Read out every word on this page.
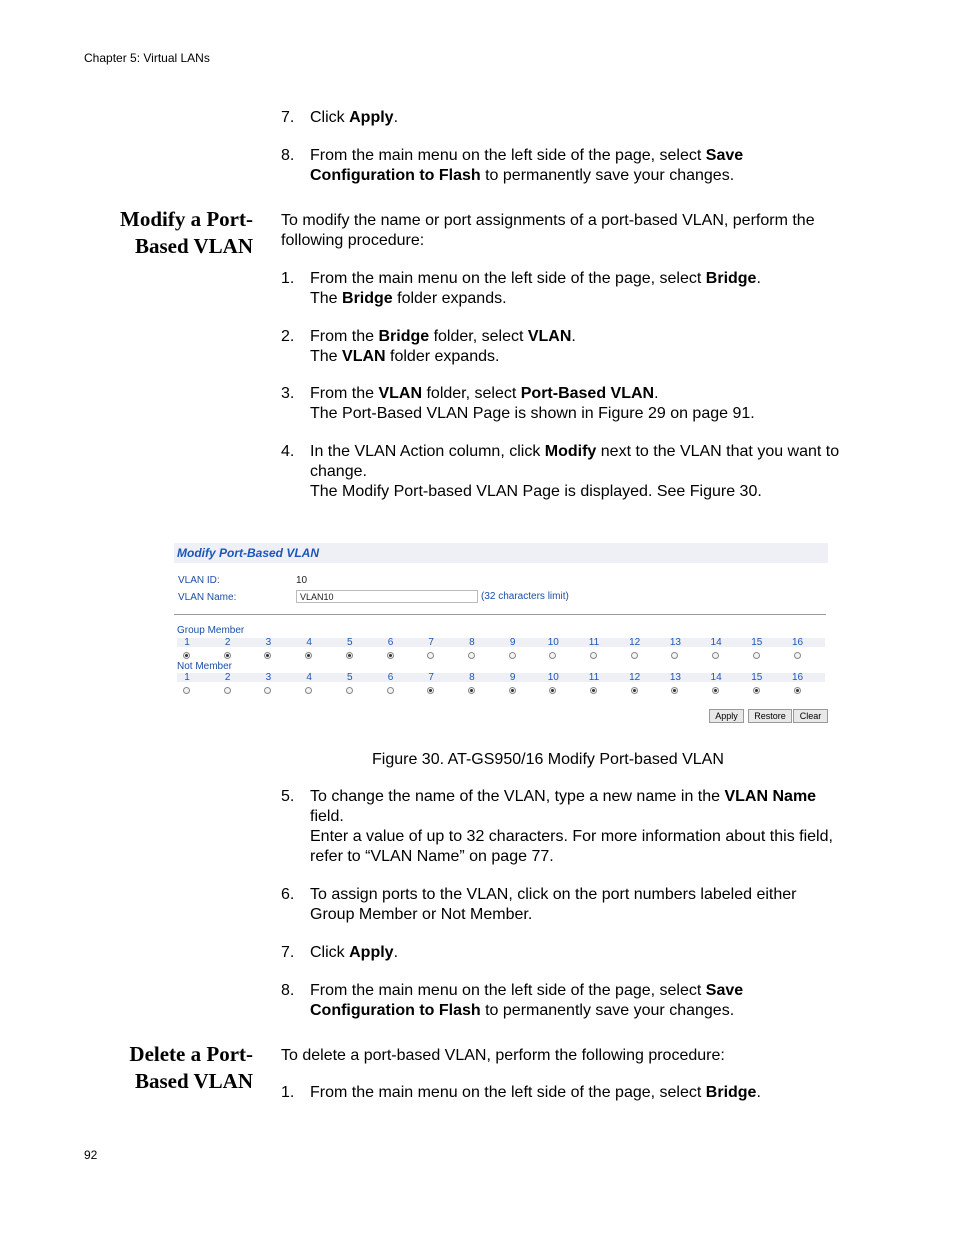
Chapter 5: Virtual LANs
7. Click Apply.
8. From the main menu on the left side of the page, select Save Configuration to Flash to permanently save your changes.
Modify a Port-
Based VLAN
To modify the name or port assignments of a port-based VLAN, perform the following procedure:
1. From the main menu on the left side of the page, select Bridge.
The Bridge folder expands.
2. From the Bridge folder, select VLAN.
The VLAN folder expands.
3. From the VLAN folder, select Port-Based VLAN.
The Port-Based VLAN Page is shown in Figure 29 on page 91.
4. In the VLAN Action column, click Modify next to the VLAN that you want to change.
The Modify Port-based VLAN Page is displayed. See Figure 30.
Modify Port-Based VLAN
VLAN ID:	10
VLAN Name:	VLAN10	(32 characters limit)
Group Member
1	2	3	4	5	6	7	8	9	10	11	12	13	14	15	16
Not Member
1	2	3	4	5	6	7	8	9	10	11	12	13	14	15	16
Apply	Restore	Clear
Figure 30. AT-GS950/16 Modify Port-based VLAN
5. To change the name of the VLAN, type a new name in the VLAN Name field.
Enter a value of up to 32 characters. For more information about this field, refer to “VLAN Name” on page 77.
6. To assign ports to the VLAN, click on the port numbers labeled either Group Member or Not Member.
7. Click Apply.
8. From the main menu on the left side of the page, select Save Configuration to Flash to permanently save your changes.
Delete a Port-
Based VLAN
To delete a port-based VLAN, perform the following procedure:
1. From the main menu on the left side of the page, select Bridge.
92
